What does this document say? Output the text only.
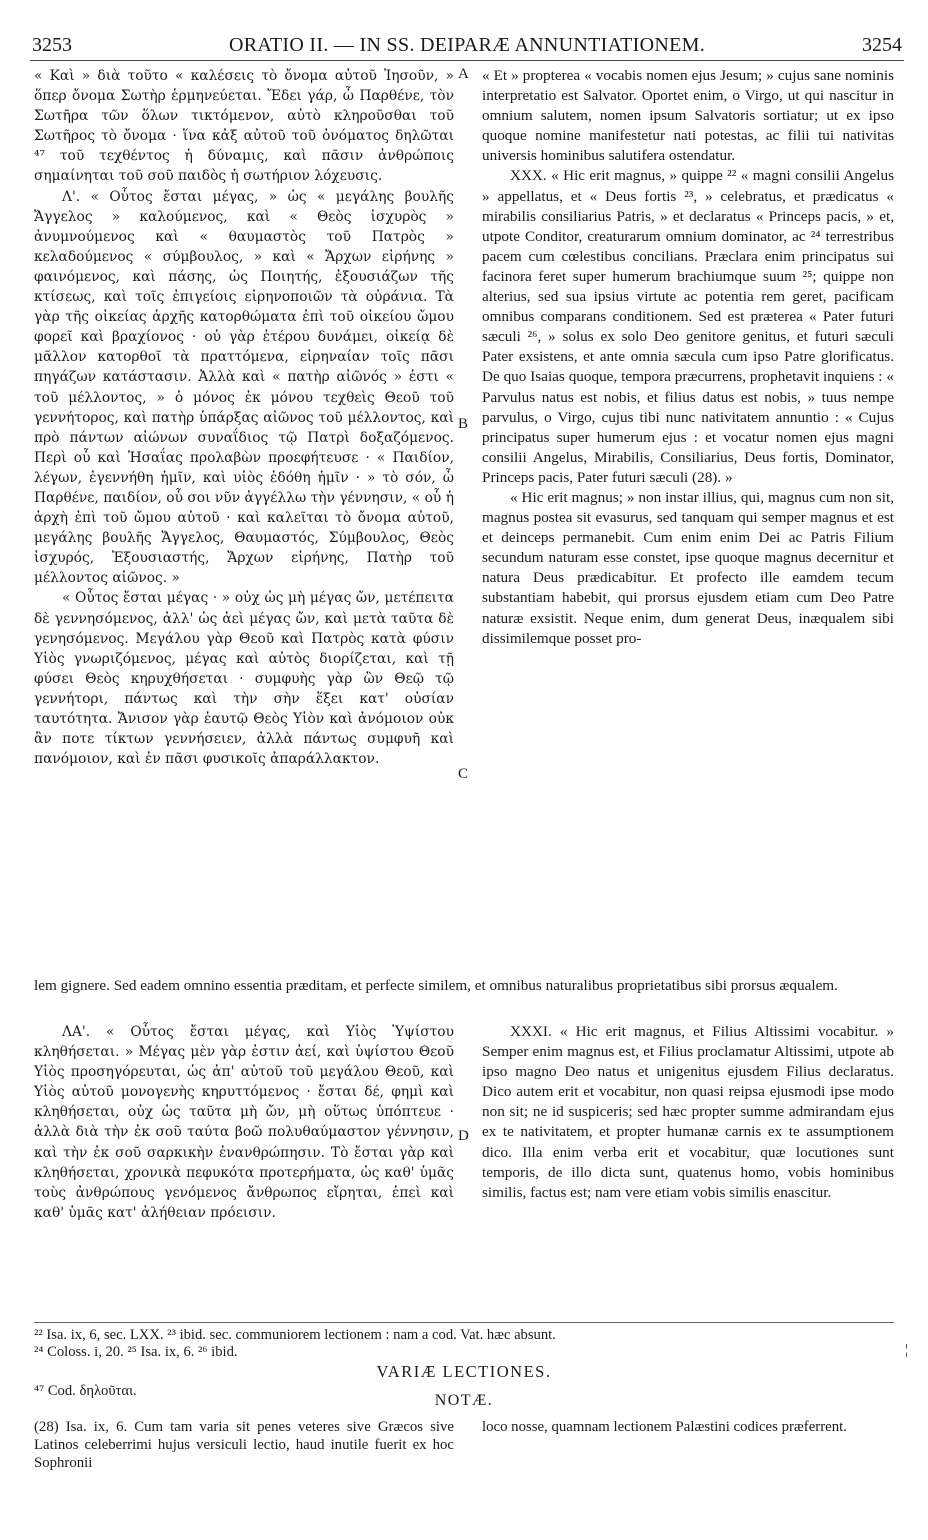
3253	ORATIO II. — IN SS. DEIPARÆ ANNUNTIATIONEM.	3254

« Καὶ » διὰ τοῦτο « καλέσεις τὸ ὄνομα αὐτοῦ Ἰησοῦν, » ὅπερ ὄνομα Σωτὴρ ἑρμηνεύεται. Ἔδει γάρ, ὦ Παρθένε, τὸν Σωτῆρα τῶν ὅλων τικτόμενον, αὐτὸ κληροῦσθαι τοῦ Σωτῆρος τὸ ὄνομα · ἵνα κἀξ αὐτοῦ τοῦ ὀνόματος δηλῶται ⁴⁷ τοῦ τεχθέντος ἡ δύναμις, καὶ πᾶσιν ἀνθρώποις σημαίνηται τοῦ σοῦ παιδὸς ἡ σωτήριον λόχευσις.

Λ'. « Οὗτος ἔσται μέγας, » ὡς « μεγάλης βουλῆς Ἄγγελος » καλούμενος, καὶ « Θεὸς ἰσχυρὸς » ἀνυμνούμενος καὶ « θαυμαστὸς τοῦ Πατρὸς » κελαδούμενος « σύμβουλος, » καὶ « Ἄρχων εἰρήνης » φαινόμενος, καὶ πάσης, ὡς Ποιητής, ἐξουσιάζων τῆς κτίσεως, καὶ τοῖς ἐπιγείοις εἰρηνοποιῶν τὰ οὐράνια. Τὰ γὰρ τῆς οἰκείας ἀρχῆς κατορθώματα ἐπὶ τοῦ οἰκείου ὤμου φορεῖ καὶ βραχίονος · οὐ γὰρ ἑτέρου δυνάμει, οἰκείᾳ δὲ μᾶλλον κατορθοῖ τὰ πραττόμενα, εἰρηναίαν τοῖς πᾶσι πηγάζων κατάστασιν. Ἀλλὰ καὶ « πατὴρ αἰῶνός » ἐστι « τοῦ μέλλοντος, » ὁ μόνος ἐκ μόνου τεχθεὶς Θεοῦ τοῦ γεννήτορος, καὶ πατὴρ ὑπάρξας αἰῶνος τοῦ μέλλοντος, καὶ πρὸ πάντων αἰώνων συναΐδιος τῷ Πατρὶ δοξαζόμενος. Περὶ οὗ καὶ Ἡσαΐας προλαβὼν προεφήτευσε · « Παιδίον, λέγων, ἐγεννήθη ἡμῖν, καὶ υἱὸς ἐδόθη ἡμῖν · » τὸ σόν, ὦ Παρθένε, παιδίον, οὗ σοι νῦν ἀγγέλλω τὴν γέννησιν, « οὗ ἡ ἀρχὴ ἐπὶ τοῦ ὤμου αὐτοῦ · καὶ καλεῖται τὸ ὄνομα αὐτοῦ, μεγάλης βουλῆς Ἄγγελος, Θαυμαστός, Σύμβουλος, Θεὸς ἰσχυρός, Ἐξουσιαστής, Ἄρχων εἰρήνης, Πατὴρ τοῦ μέλλοντος αἰῶνος. »

« Οὗτος ἔσται μέγας · » οὐχ ὡς μὴ μέγας ὤν, μετέπειτα δὲ γεννησόμενος, ἀλλ' ὡς ἀεὶ μέγας ὤν, καὶ μετὰ ταῦτα δὲ γενησόμενος. Μεγάλου γὰρ Θεοῦ καὶ Πατρὸς κατὰ φύσιν Υἱὸς γνωριζόμενος, μέγας καὶ αὐτὸς διορίζεται, καὶ τῇ φύσει Θεὸς κηρυχθήσεται · συμφυὴς γὰρ ὢν Θεῷ τῷ γεννήτορι, πάντως καὶ τὴν σὴν ἕξει κατ' οὐσίαν ταυτότητα. Ἄνισον γὰρ ἑαυτῷ Θεὸς Υἱὸν καὶ ἀνόμοιον οὐκ ἂν ποτε τίκτων γεννήσειεν, ἀλλὰ πάντως συμφυῆ καὶ πανόμοιον, καὶ ἐν πᾶσι φυσικοῖς ἀπαράλλακτον.

« Et » propterea « vocabis nomen ejus Jesum; » cujus sane nominis interpretatio est Salvator. Oportet enim, o Virgo, ut qui nascitur in omnium salutem, nomen ipsum Salvatoris sortiatur; ut ex ipso quoque nomine manifestetur nati potestas, ac filii tui nativitas universis hominibus salutifera ostendatur.

XXX. « Hic erit magnus, » quippe ²² « magni consilii Angelus » appellatus, et « Deus fortis ²³, » celebratus, et prædicatus « mirabilis consiliarius Patris, » et declaratus « Princeps pacis, » et, utpote Conditor, creaturarum omnium dominator, ac ²⁴ terrestribus pacem cum cœlestibus concilians. Præclara enim principatus sui facinora feret super humerum brachiumque suum ²⁵; quippe non alterius, sed sua ipsius virtute ac potentia rem geret, pacificam omnibus comparans conditionem. Sed est præterea « Pater futuri sæculi ²⁶, » solus ex solo Deo genitore genitus, et futuri sæculi Pater exsistens, et ante omnia sæcula cum ipso Patre glorificatus. De quo Isaias quoque, tempora præcurrens, prophetavit inquiens : « Parvulus natus est nobis, et filius datus est nobis, » tuus nempe parvulus, o Virgo, cujus tibi nunc nativitatem annuntio : « Cujus principatus super humerum ejus : et vocatur nomen ejus magni consilii Angelus, Mirabilis, Consiliarius, Deus fortis, Dominator, Princeps pacis, Pater futuri sæculi (28). »

« Hic erit magnus; » non instar illius, qui, magnus cum non sit, magnus postea sit evasurus, sed tanquam qui semper magnus et est et deinceps permanebit. Cum enim enim Dei ac Patris Filium secundum naturam esse constet, ipse quoque magnus decernitur et natura Deus prædicabitur. Et profecto ille eamdem tecum substantiam habebit, qui prorsus ejusdem etiam cum Deo Patre naturæ exsistit. Neque enim, dum generat Deus, inæqualem sibi dissimilemque posset pro-

A
B
C
D
lem gignere. Sed eadem omnino essentia præditam, et perfecte similem, et omnibus naturalibus proprietatibus sibi prorsus æqualem.

ΛΑ'. « Οὗτος ἔσται μέγας, καὶ Υἱὸς Ὑψίστου κληθήσεται. » Μέγας μὲν γὰρ ἐστιν ἀεί, καὶ ὑψίστου Θεοῦ Υἱὸς προσηγόρευται, ὡς ἀπ' αὐτοῦ τοῦ μεγάλου Θεοῦ, καὶ Υἱὸς αὐτοῦ μονογενὴς κηρυττόμενος · ἔσται δέ, φημὶ καὶ κληθήσεται, οὐχ ὡς ταῦτα μὴ ὤν, μὴ οὕτως ὑπόπτευε · ἀλλὰ διὰ τὴν ἐκ σοῦ ταύτα βοῶ πολυθαύμαστον γέννησιν, καὶ τὴν ἐκ σοῦ σαρκικὴν ἐνανθρώπησιν. Τὸ ἔσται γὰρ καὶ κληθήσεται, χρονικὰ πεφυκότα προτερήματα, ὡς καθ' ὑμᾶς τοὺς ἀνθρώπους γενόμενος ἄνθρωπος εἴρηται, ἐπεὶ καὶ καθ' ὑμᾶς κατ' ἀλήθειαν πρόεισιν.

XXXI. « Hic erit magnus, et Filius Altissimi vocabitur. » Semper enim magnus est, et Filius proclamatur Altissimi, utpote ab ipso magno Deo natus et unigenitus ejusdem Filius declaratus. Dico autem erit et vocabitur, non quasi reipsa ejusmodi ipse modo non sit; ne id suspiceris; sed hæc propter summe admirandam ejus ex te nativitatem, et propter humanæ carnis ex te assumptionem dico. Illa enim verba erit et vocabitur, quæ locutiones sunt temporis, de illo dicta sunt, quatenus homo, vobis hominibus similis, factus est; nam vere etiam vobis similis enascitur.

²² Isa. ix, 6, sec. LXX. ²³ ibid. sec. communiorem lectionem : nam a cod. Vat. hæc absunt.
²⁴ Coloss. i, 20. ²⁵ Isa. ix, 6. ²⁶ ibid.	¦
VARIÆ LECTIONES.
⁴⁷ Cod. δηλοῦται.
NOTÆ.

(28) Isa. ix, 6. Cum tam varia sit penes veteres sive Græcos sive Latinos celeberrimi hujus versiculi lectio, haud inutile fuerit ex hoc Sophronii

loco nosse, quamnam lectionem Palæstini codices præferrent.
